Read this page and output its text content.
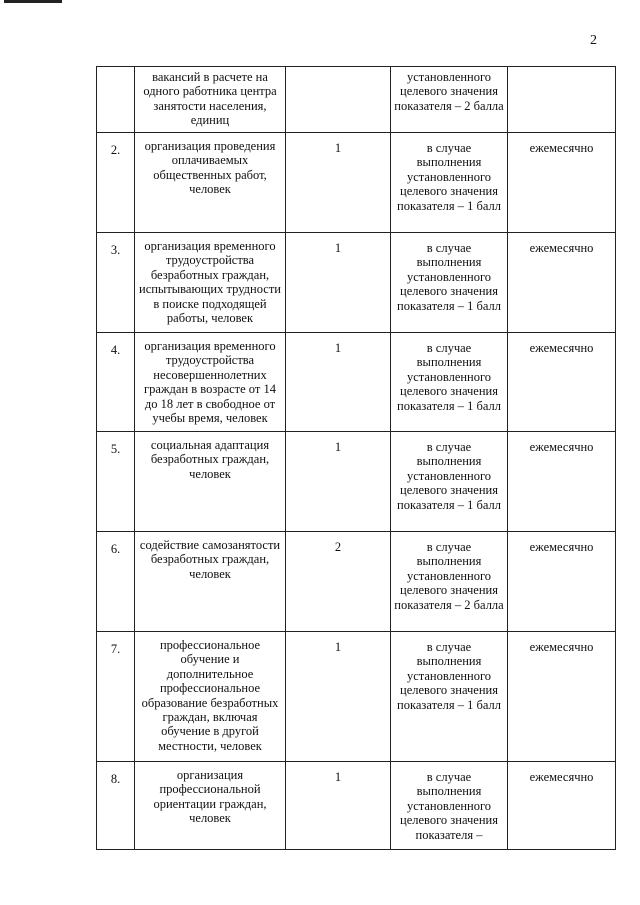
2
	вакансий в расчете на одного работника центра занятости населения, единиц		установленного целевого значения показателя – 2 балла	
2.	организация проведения оплачиваемых общественных работ, человек	1	в случае выполнения установленного целевого значения показателя – 1 балл	ежемесячно
3.	организация временного трудоустройства безработных граждан, испытывающих трудности в поиске подходящей работы, человек	1	в случае выполнения установленного целевого значения показателя – 1 балл	ежемесячно
4.	организация временного трудоустройства несовершеннолетних граждан в возрасте от 14 до 18 лет в свободное от учебы время, человек	1	в случае выполнения установленного целевого значения показателя – 1 балл	ежемесячно
5.	социальная адаптация безработных граждан, человек	1	в случае выполнения установленного целевого значения показателя – 1 балл	ежемесячно
6.	содействие самозанятости безработных граждан, человек	2	в случае выполнения установленного целевого значения показателя – 2 балла	ежемесячно
7.	профессиональное обучение и дополнительное профессиональное образование безработных граждан, включая обучение в другой местности, человек	1	в случае выполнения установленного целевого значения показателя – 1 балл	ежемесячно
8.	организация профессиональной ориентации граждан, человек	1	в случае выполнения установленного целевого значения показателя –	ежемесячно
